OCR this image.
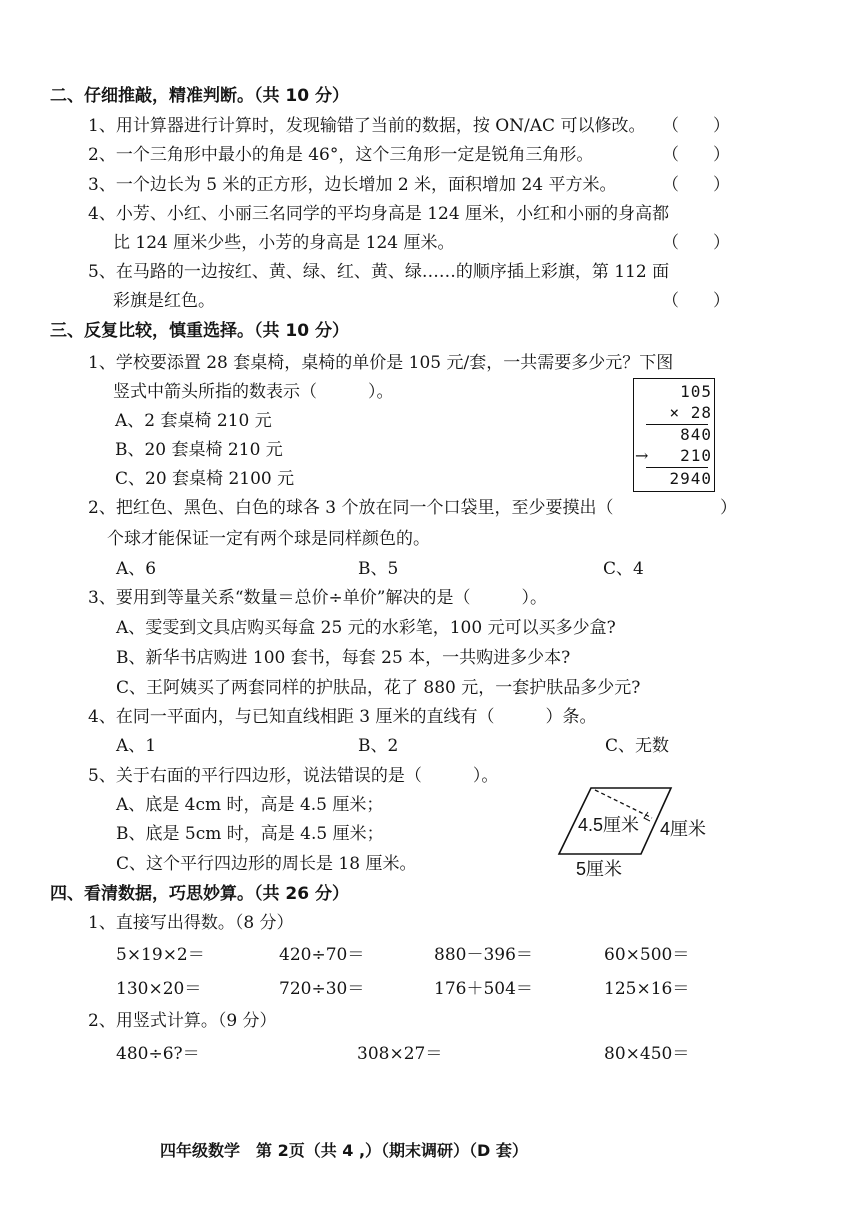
二、仔细推敲，精准判断。（共 10 分）
1、用计算器进行计算时，发现输错了当前的数据，按 ON/AC 可以修改。 （　　）
2、一个三角形中最小的角是 46°，这个三角形一定是锐角三角形。	（　　）
3、一个边长为 5 米的正方形，边长增加 2 米，面积增加 24 平方米。	（　　）
4、小芳、小红、小丽三名同学的平均身高是 124 厘米，小红和小丽的身高都
比 124 厘米少些，小芳的身高是 124 厘米。	（　　）
5、在马路的一边按红、黄、绿、红、黄、绿……的顺序插上彩旗，第 112 面
彩旗是红色。	（　　）
三、反复比较，慎重选择。（共 10 分）
1、学校要添置 28 套桌椅，桌椅的单价是 105 元/套，一共需要多少元？下图
竖式中箭头所指的数表示（　　　）。
A、2 套桌椅 210 元
B、20 套桌椅 210 元
C、20 套桌椅 2100 元
105
× 28
840
210
→
2940
2、把红色、黑色、白色的球各 3 个放在同一个口袋里，至少要摸出（	）
个球才能保证一定有两个球是同样颜色的。
A、6	B、5	C、4
3、要用到等量关系“数量＝总价÷单价”解决的是（　　　）。
A、雯雯到文具店购买每盒 25 元的水彩笔，100 元可以买多少盒?
B、新华书店购进 100 套书，每套 25 本，一共购进多少本?
C、王阿姨买了两套同样的护肤品，花了 880 元，一套护肤品多少元?
4、在同一平面内，与已知直线相距 3 厘米的直线有（　　　）条。
A、1	B、2	C、无数
5、关于右面的平行四边形，说法错误的是（　　　）。
A、底是 4cm 时，高是 4.5 厘米；
B、底是 5cm 时，高是 4.5 厘米；
C、这个平行四边形的周长是 18 厘米。
4.5厘米 4厘米
5厘米
四、看清数据，巧思妙算。（共 26 分）
1、直接写出得数。（8 分）
5×19×2＝	420÷70＝	880－396＝	60×500＝
130×20＝	720÷30＝	176＋504＝	125×16＝
2、用竖式计算。（9 分）
480÷6?＝	308×27＝	80×450＝
四年级数学　第 2页（共 4 ,）（期末调研）（D 套）
